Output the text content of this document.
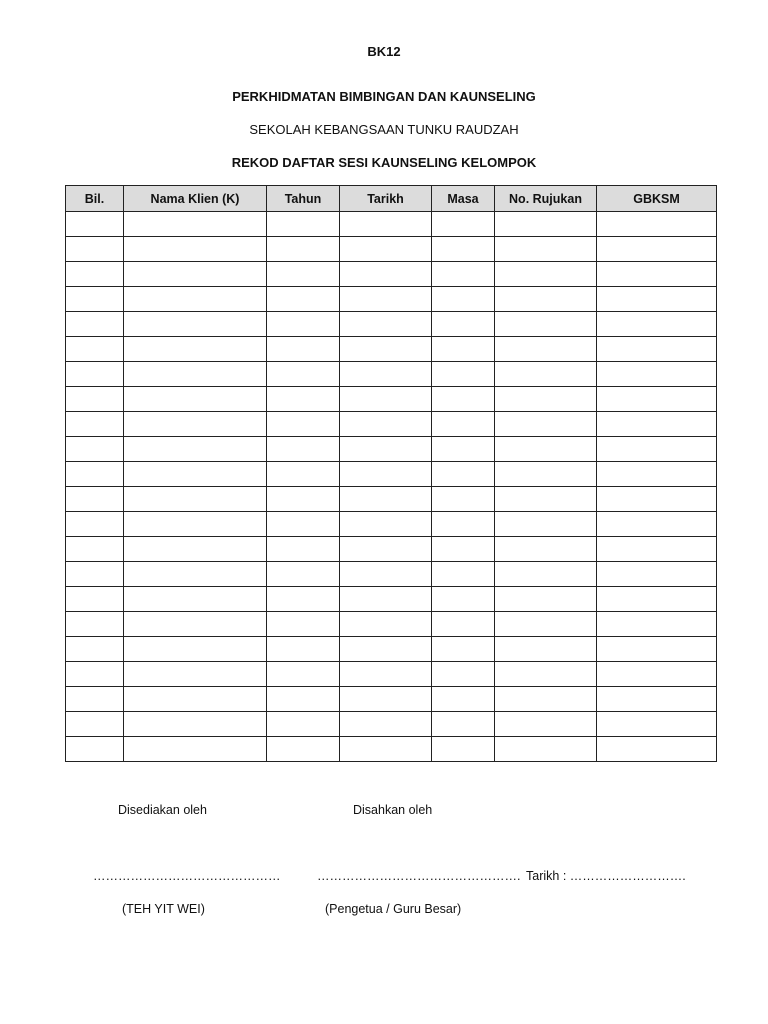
BK12
PERKHIDMATAN BIMBINGAN DAN KAUNSELING
SEKOLAH KEBANGSAAN TUNKU RAUDZAH
REKOD DAFTAR SESI KAUNSELING KELOMPOK
Bil.	Nama Klien (K)	Tahun	Tarikh	Masa	No. Rujukan	GBKSM

Disediakan oleh	Disahkan oleh
………………………………………	…………………………………………. Tarikh : ……………………….
(TEH YIT WEI)	(Pengetua / Guru Besar)
